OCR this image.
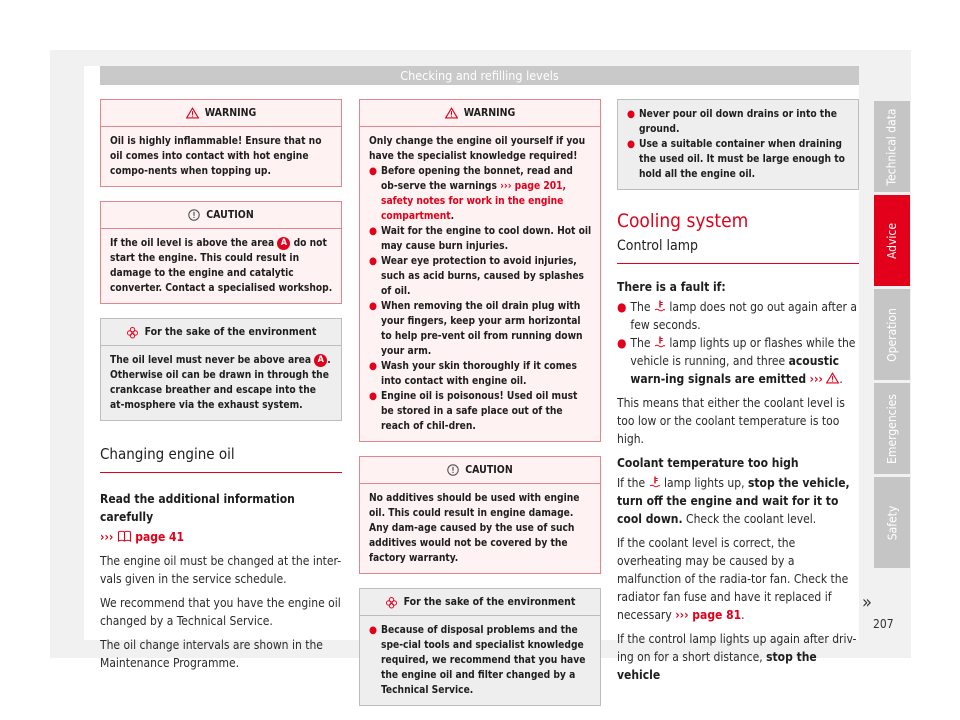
Checking and refilling levels
WARNING

Oil is highly inflammable! Ensure that no oil comes into contact with hot engine compo-nents when topping up.

CAUTION

If the oil level is above the area A do not start the engine. This could result in damage to the engine and catalytic converter. Contact a specialised workshop.

For the sake of the environment

The oil level must never be above area A . Otherwise oil can be drawn in through the crankcase breather and escape into the at-mosphere via the exhaust system.

Changing engine oil

Read the additional information carefully

››› page 41

The engine oil must be changed at the inter-vals given in the service schedule.

We recommend that you have the engine oil changed by a Technical Service.

The oil change intervals are shown in the Maintenance Programme.

WARNING

Only change the engine oil yourself if you have the specialist knowledge required!

● Before opening the bonnet, read and ob-serve the warnings ››› page 201, safety notes for work in the engine compartment.
● Wait for the engine to cool down. Hot oil may cause burn injuries.
● Wear eye protection to avoid injuries, such as acid burns, caused by splashes of oil.
● When removing the oil drain plug with your fingers, keep your arm horizontal to help pre-vent oil from running down your arm.
● Wash your skin thoroughly if it comes into contact with engine oil.
● Engine oil is poisonous! Used oil must be stored in a safe place out of the reach of chil-dren.
CAUTION

No additives should be used with engine oil. This could result in engine damage. Any dam-age caused by the use of such additives would not be covered by the factory warranty.

For the sake of the environment
● Because of disposal problems and the spe-cial tools and specialist knowledge required, we recommend that you have the engine oil and filter changed by a Technical Service.
● Never pour oil down drains or into the ground.
● Use a suitable container when draining the used oil. It must be large enough to hold all the engine oil.
Cooling system
Control lamp

There is a fault if:

● The lamp does not go out again after a few seconds.
● The lamp lights up or flashes while the vehicle is running, and three acoustic warn-ing signals are emitted ››› .

This means that either the coolant level is too low or the coolant temperature is too high.

Coolant temperature too high

If the lamp lights up, stop the vehicle, turn off the engine and wait for it to cool down. Check the coolant level.

If the coolant level is correct, the overheating may be caused by a malfunction of the radia-tor fan. Check the radiator fan fuse and have it replaced if necessary ››› page 81.

If the control lamp lights up again after driv-ing on for a short distance, stop the vehicle

»
Technical data
Advice
Operation
Emergencies
Safety
207
